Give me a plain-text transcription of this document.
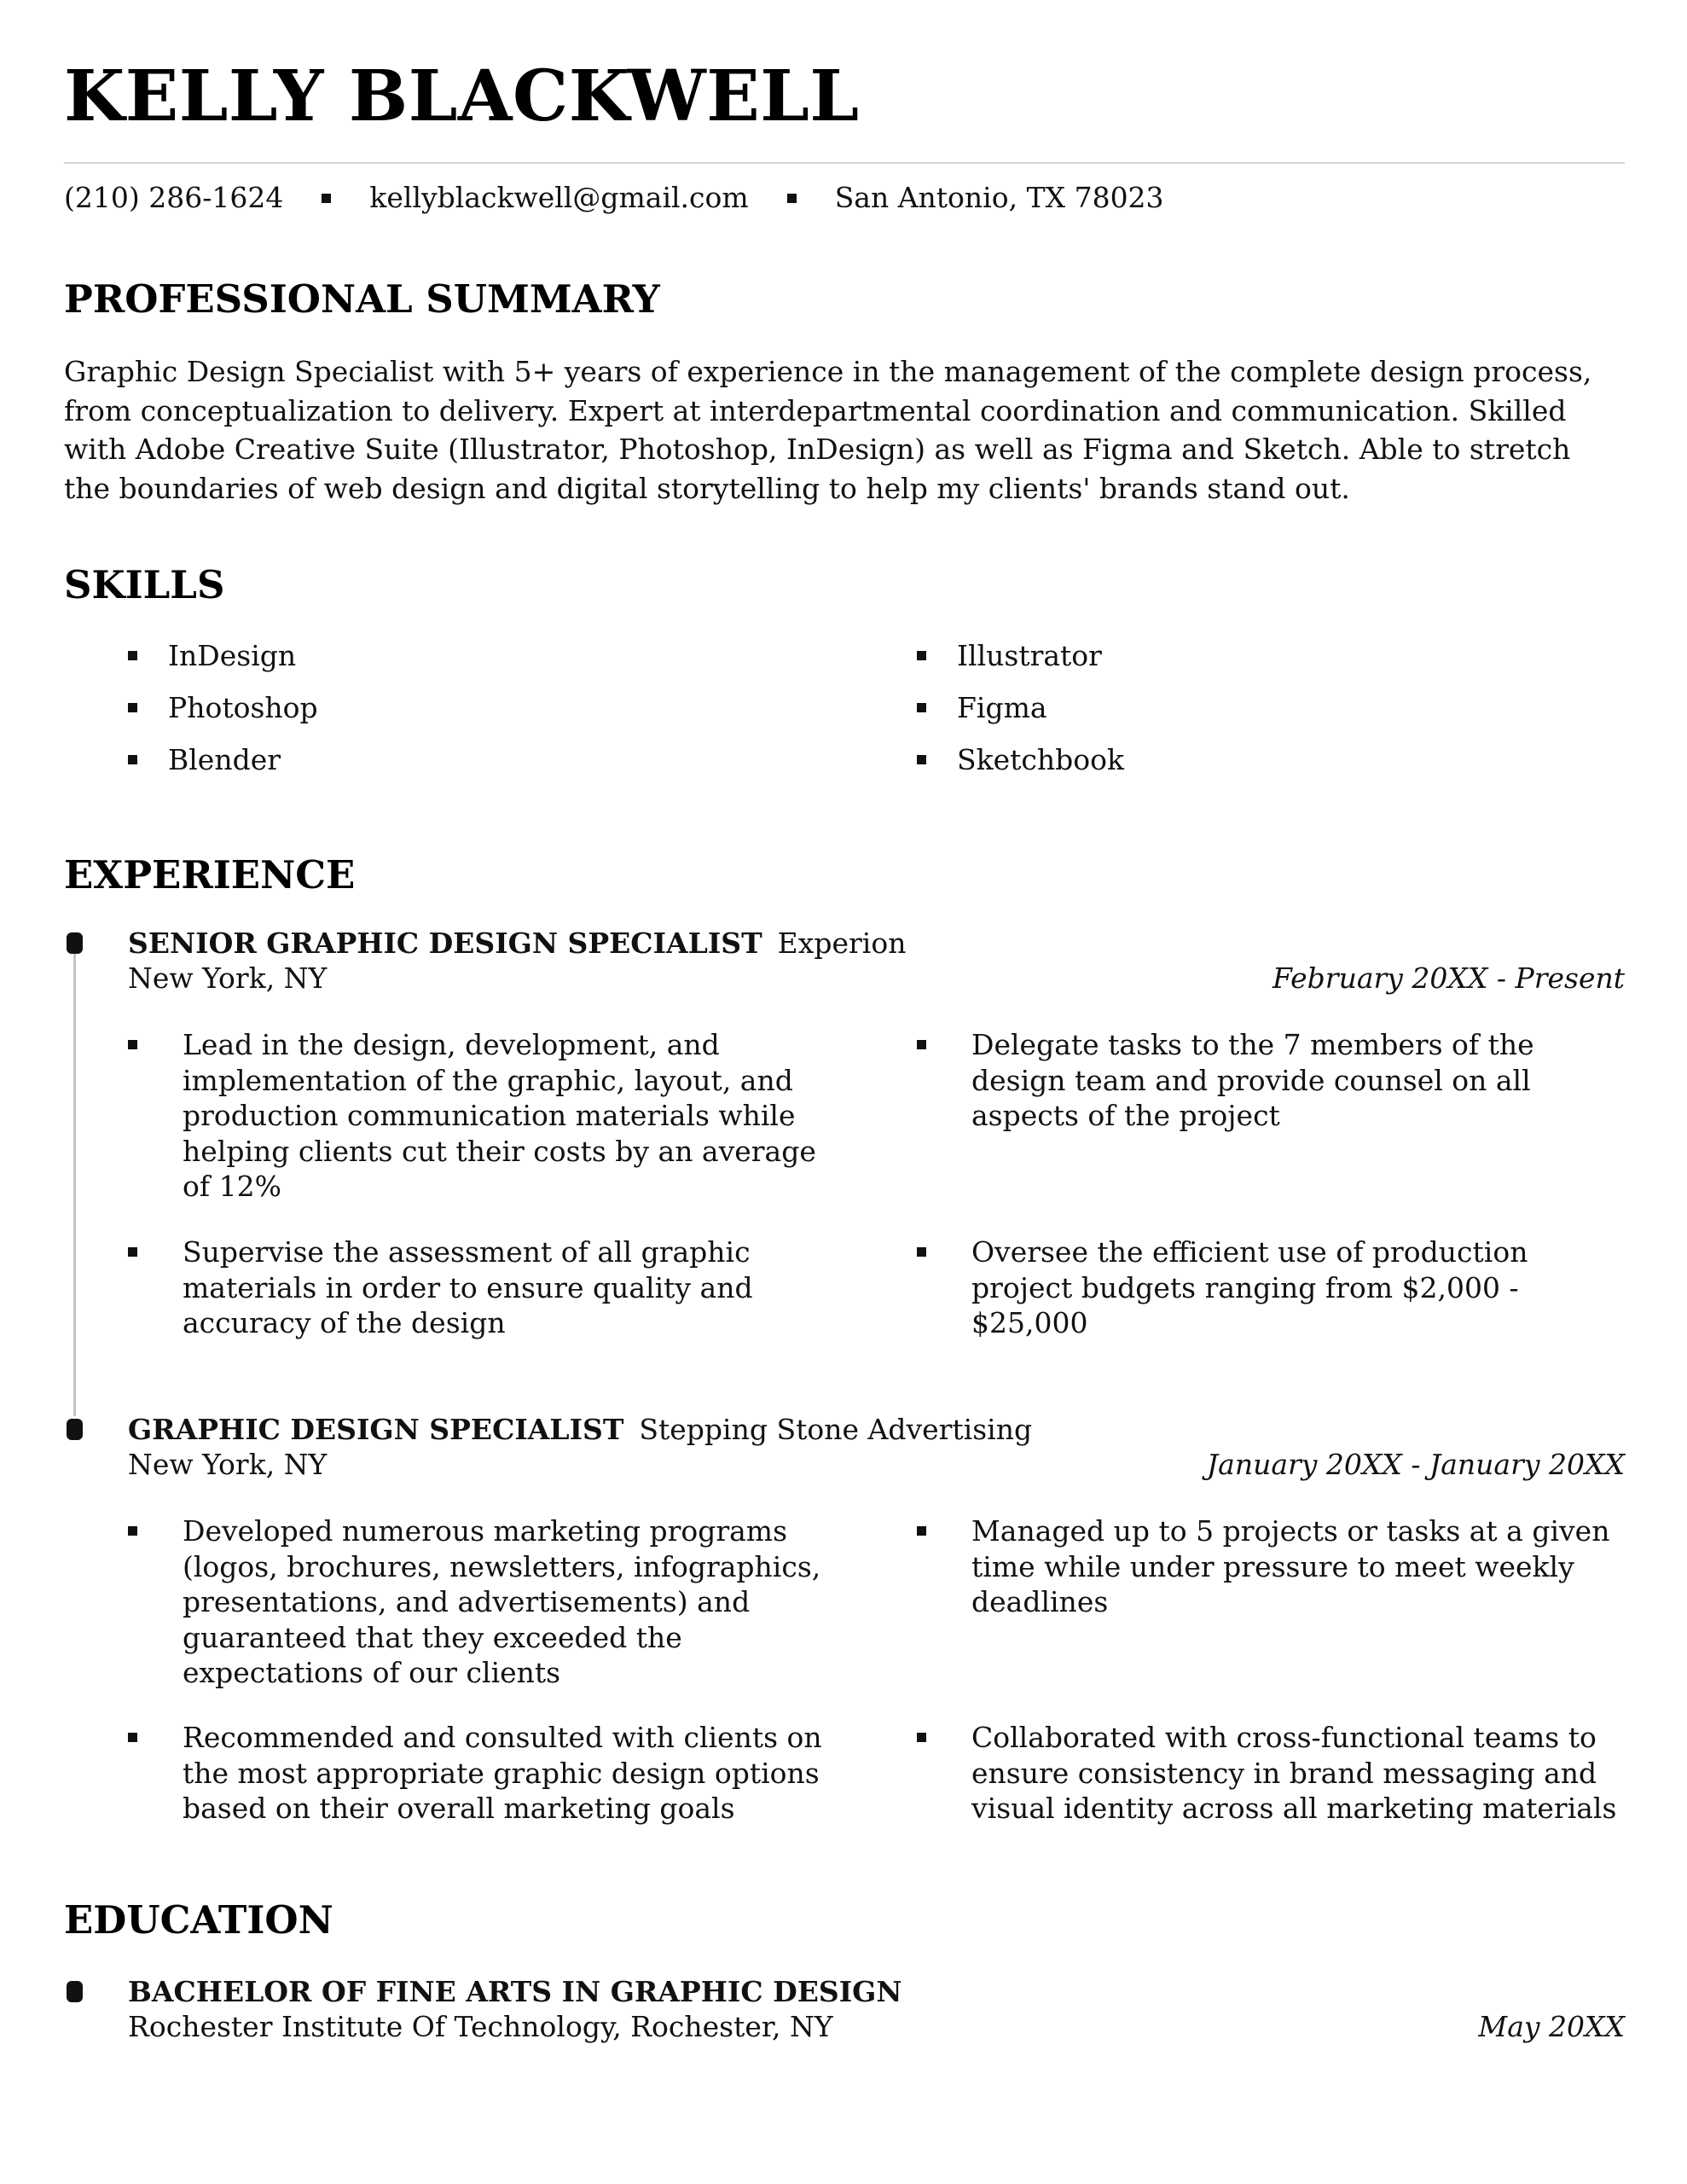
KELLY BLACKWELL
(210) 286-1624	kellyblackwell@gmail.com	San Antonio, TX 78023
PROFESSIONAL SUMMARY
Graphic Design Specialist with 5+ years of experience in the management of the complete design process, from conceptualization to delivery. Expert at interdepartmental coordination and communication. Skilled with Adobe Creative Suite (Illustrator, Photoshop, InDesign) as well as Figma and Sketch. Able to stretch the boundaries of web design and digital storytelling to help my clients' brands stand out.
SKILLS
InDesign
Photoshop
Blender
Illustrator
Figma
Sketchbook
EXPERIENCE
SENIOR GRAPHIC DESIGN SPECIALIST Experion
New York, NY	February 20XX - Present
Lead in the design, development, and implementation of the graphic, layout, and production communication materials while helping clients cut their costs by an average of 12%
Delegate tasks to the 7 members of the design team and provide counsel on all aspects of the project
Supervise the assessment of all graphic materials in order to ensure quality and accuracy of the design
Oversee the efficient use of production project budgets ranging from $2,000 - $25,000
GRAPHIC DESIGN SPECIALIST Stepping Stone Advertising
New York, NY	January 20XX - January 20XX
Developed numerous marketing programs (logos, brochures, newsletters, infographics, presentations, and advertisements) and guaranteed that they exceeded the expectations of our clients
Managed up to 5 projects or tasks at a given time while under pressure to meet weekly deadlines
Recommended and consulted with clients on the most appropriate graphic design options based on their overall marketing goals
Collaborated with cross-functional teams to ensure consistency in brand messaging and visual identity across all marketing materials
EDUCATION
BACHELOR OF FINE ARTS IN GRAPHIC DESIGN
Rochester Institute Of Technology, Rochester, NY	May 20XX
